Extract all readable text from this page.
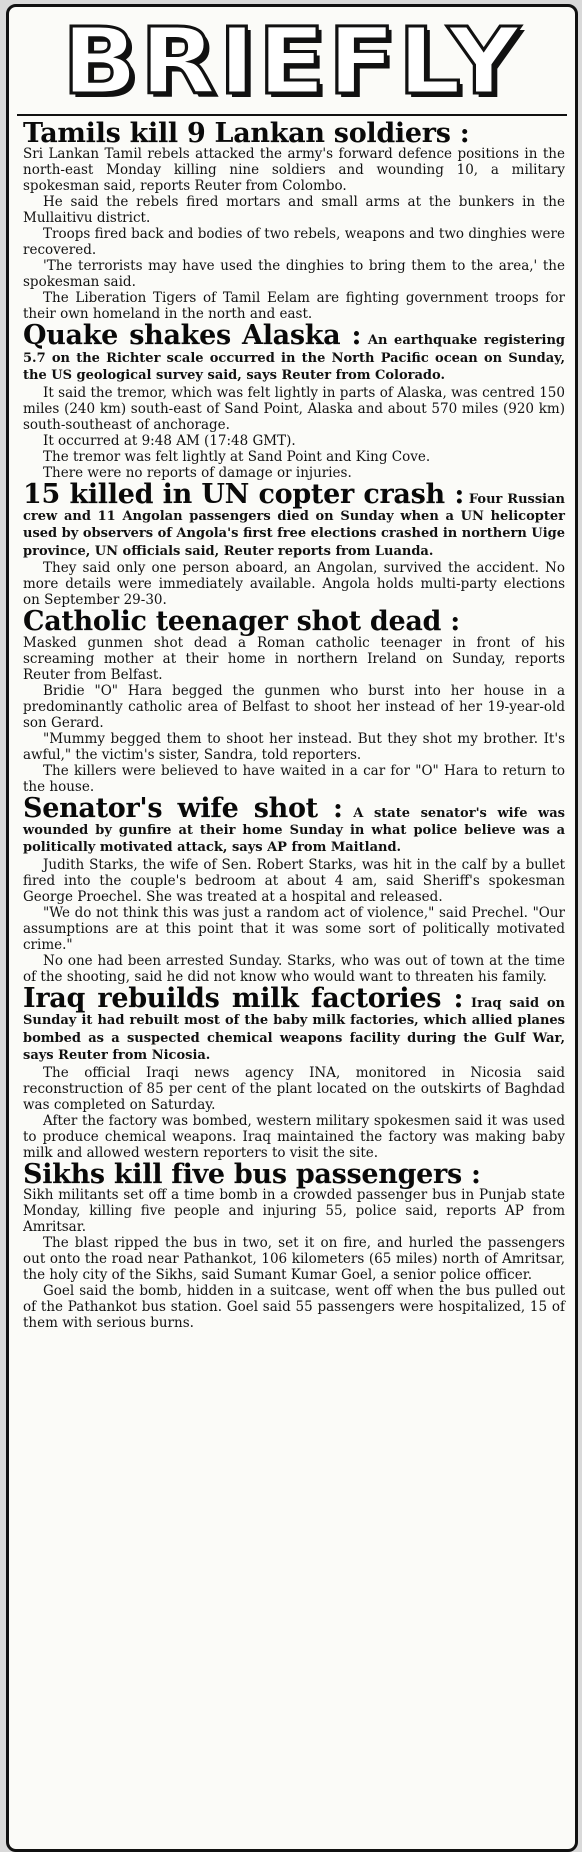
BRIEFLY

Tamils kill 9 Lankan soldiers :

Sri Lankan Tamil rebels attacked the army's forward defence positions in the north-east Monday killing nine soldiers and wounding 10, a military spokesman said, reports Reuter from Colombo.

He said the rebels fired mortars and small arms at the bunkers in the Mullaitivu district.

Troops fired back and bodies of two rebels, weapons and two dinghies were recovered.

'The terrorists may have used the dinghies to bring them to the area,' the spokesman said.

The Liberation Tigers of Tamil Eelam are fighting government troops for their own homeland in the north and east.

Quake shakes Alaska : An earthquake registering 5.7 on the Richter scale occurred in the North Pacific ocean on Sunday, the US geological survey said, says Reuter from Colorado.

It said the tremor, which was felt lightly in parts of Alaska, was centred 150 miles (240 km) south-east of Sand Point, Alaska and about 570 miles (920 km) south-southeast of anchorage.

It occurred at 9:48 AM (17:48 GMT).

The tremor was felt lightly at Sand Point and King Cove.

There were no reports of damage or injuries.

15 killed in UN copter crash : Four Russian crew and 11 Angolan passengers died on Sunday when a UN helicopter used by observers of Angola's first free elections crashed in northern Uige province, UN officials said, Reuter reports from Luanda.

They said only one person aboard, an Angolan, survived the accident. No more details were immediately available. Angola holds multi-party elections on September 29-30.

Catholic teenager shot dead :

Masked gunmen shot dead a Roman catholic teenager in front of his screaming mother at their home in northern Ireland on Sunday, reports Reuter from Belfast.

Bridie "O" Hara begged the gunmen who burst into her house in a predominantly catholic area of Belfast to shoot her instead of her 19-year-old son Gerard.

"Mummy begged them to shoot her instead. But they shot my brother. It's awful," the victim's sister, Sandra, told reporters.

The killers were believed to have waited in a car for "O" Hara to return to the house.

Senator's wife shot : A state senator's wife was wounded by gunfire at their home Sunday in what police believe was a politically motivated attack, says AP from Maitland.

Judith Starks, the wife of Sen. Robert Starks, was hit in the calf by a bullet fired into the couple's bedroom at about 4 am, said Sheriff's spokesman George Proechel. She was treated at a hospital and released.

"We do not think this was just a random act of violence," said Prechel. "Our assumptions are at this point that it was some sort of politically motivated crime."

No one had been arrested Sunday. Starks, who was out of town at the time of the shooting, said he did not know who would want to threaten his family.

Iraq rebuilds milk factories : Iraq said on Sunday it had rebuilt most of the baby milk factories, which allied planes bombed as a suspected chemical weapons facility during the Gulf War, says Reuter from Nicosia.

The official Iraqi news agency INA, monitored in Nicosia said reconstruction of 85 per cent of the plant located on the outskirts of Baghdad was completed on Saturday.

After the factory was bombed, western military spokesmen said it was used to produce chemical weapons. Iraq maintained the factory was making baby milk and allowed western reporters to visit the site.

Sikhs kill five bus passengers :

Sikh militants set off a time bomb in a crowded passenger bus in Punjab state Monday, killing five people and injuring 55, police said, reports AP from Amritsar.

The blast ripped the bus in two, set it on fire, and hurled the passengers out onto the road near Pathankot, 106 kilometers (65 miles) north of Amritsar, the holy city of the Sikhs, said Sumant Kumar Goel, a senior police officer.

Goel said the bomb, hidden in a suitcase, went off when the bus pulled out of the Pathankot bus station. Goel said 55 passengers were hospitalized, 15 of them with serious burns.
